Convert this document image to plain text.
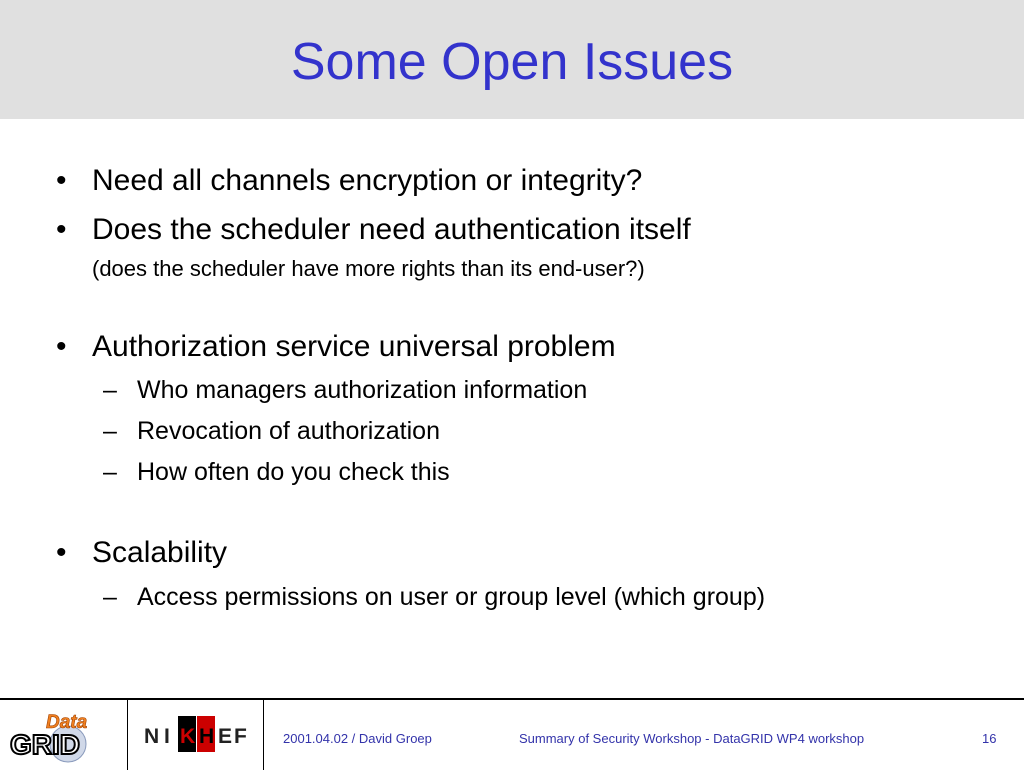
Some Open Issues
• Need all channels encryption or integrity?
• Does the scheduler need authentication itself
(does the scheduler have more rights than its end-user?)
• Authorization service universal problem
– Who managers authorization information
– Revocation of authorization
– How often do you check this
• Scalability
– Access permissions on user or group level (which group)
Data
GRID	N I K H E F	2001.04.02 / David Groep	Summary of Security Workshop - DataGRID WP4 workshop	16
